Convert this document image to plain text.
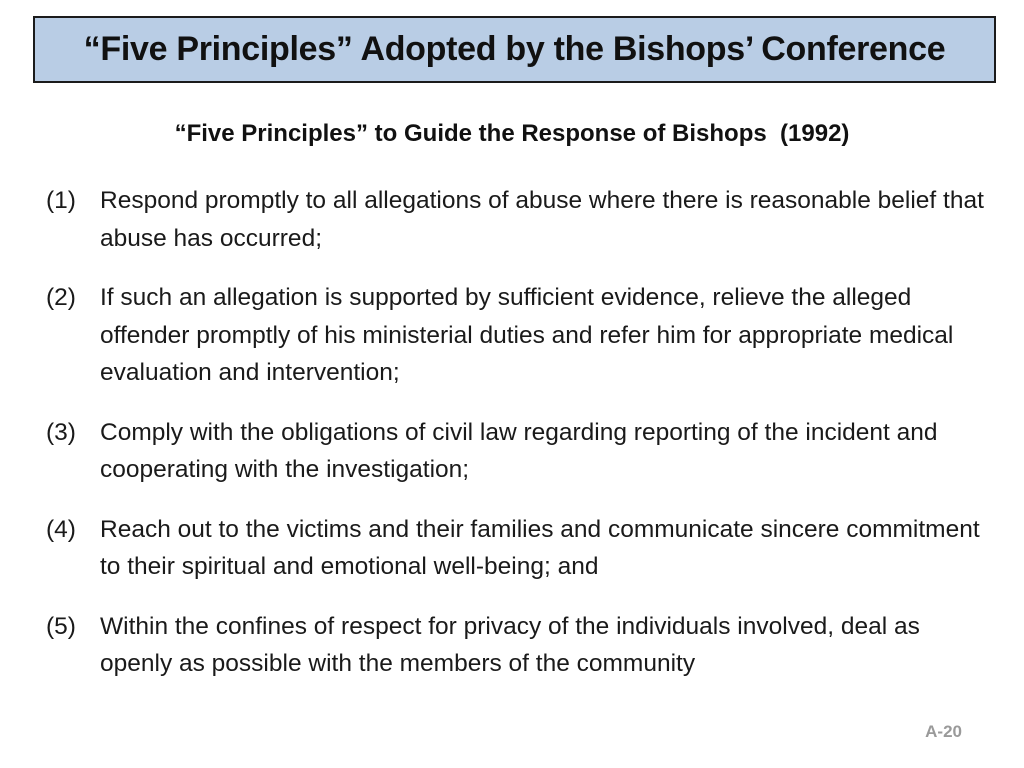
“Five Principles” Adopted by the Bishops’ Conference
“Five Principles” to Guide the Response of Bishops  (1992)
(1) Respond promptly to all allegations of abuse where there is reasonable belief that abuse has occurred;
(2) If such an allegation is supported by sufficient evidence, relieve the alleged offender promptly of his ministerial duties and refer him for appropriate medical evaluation and intervention;
(3) Comply with the obligations of civil law regarding reporting of the incident and cooperating with the investigation;
(4) Reach out to the victims and their families and communicate sincere commitment to their spiritual and emotional well-being; and
(5) Within the confines of respect for privacy of the individuals involved, deal as openly as possible with the members of the community
A-20
